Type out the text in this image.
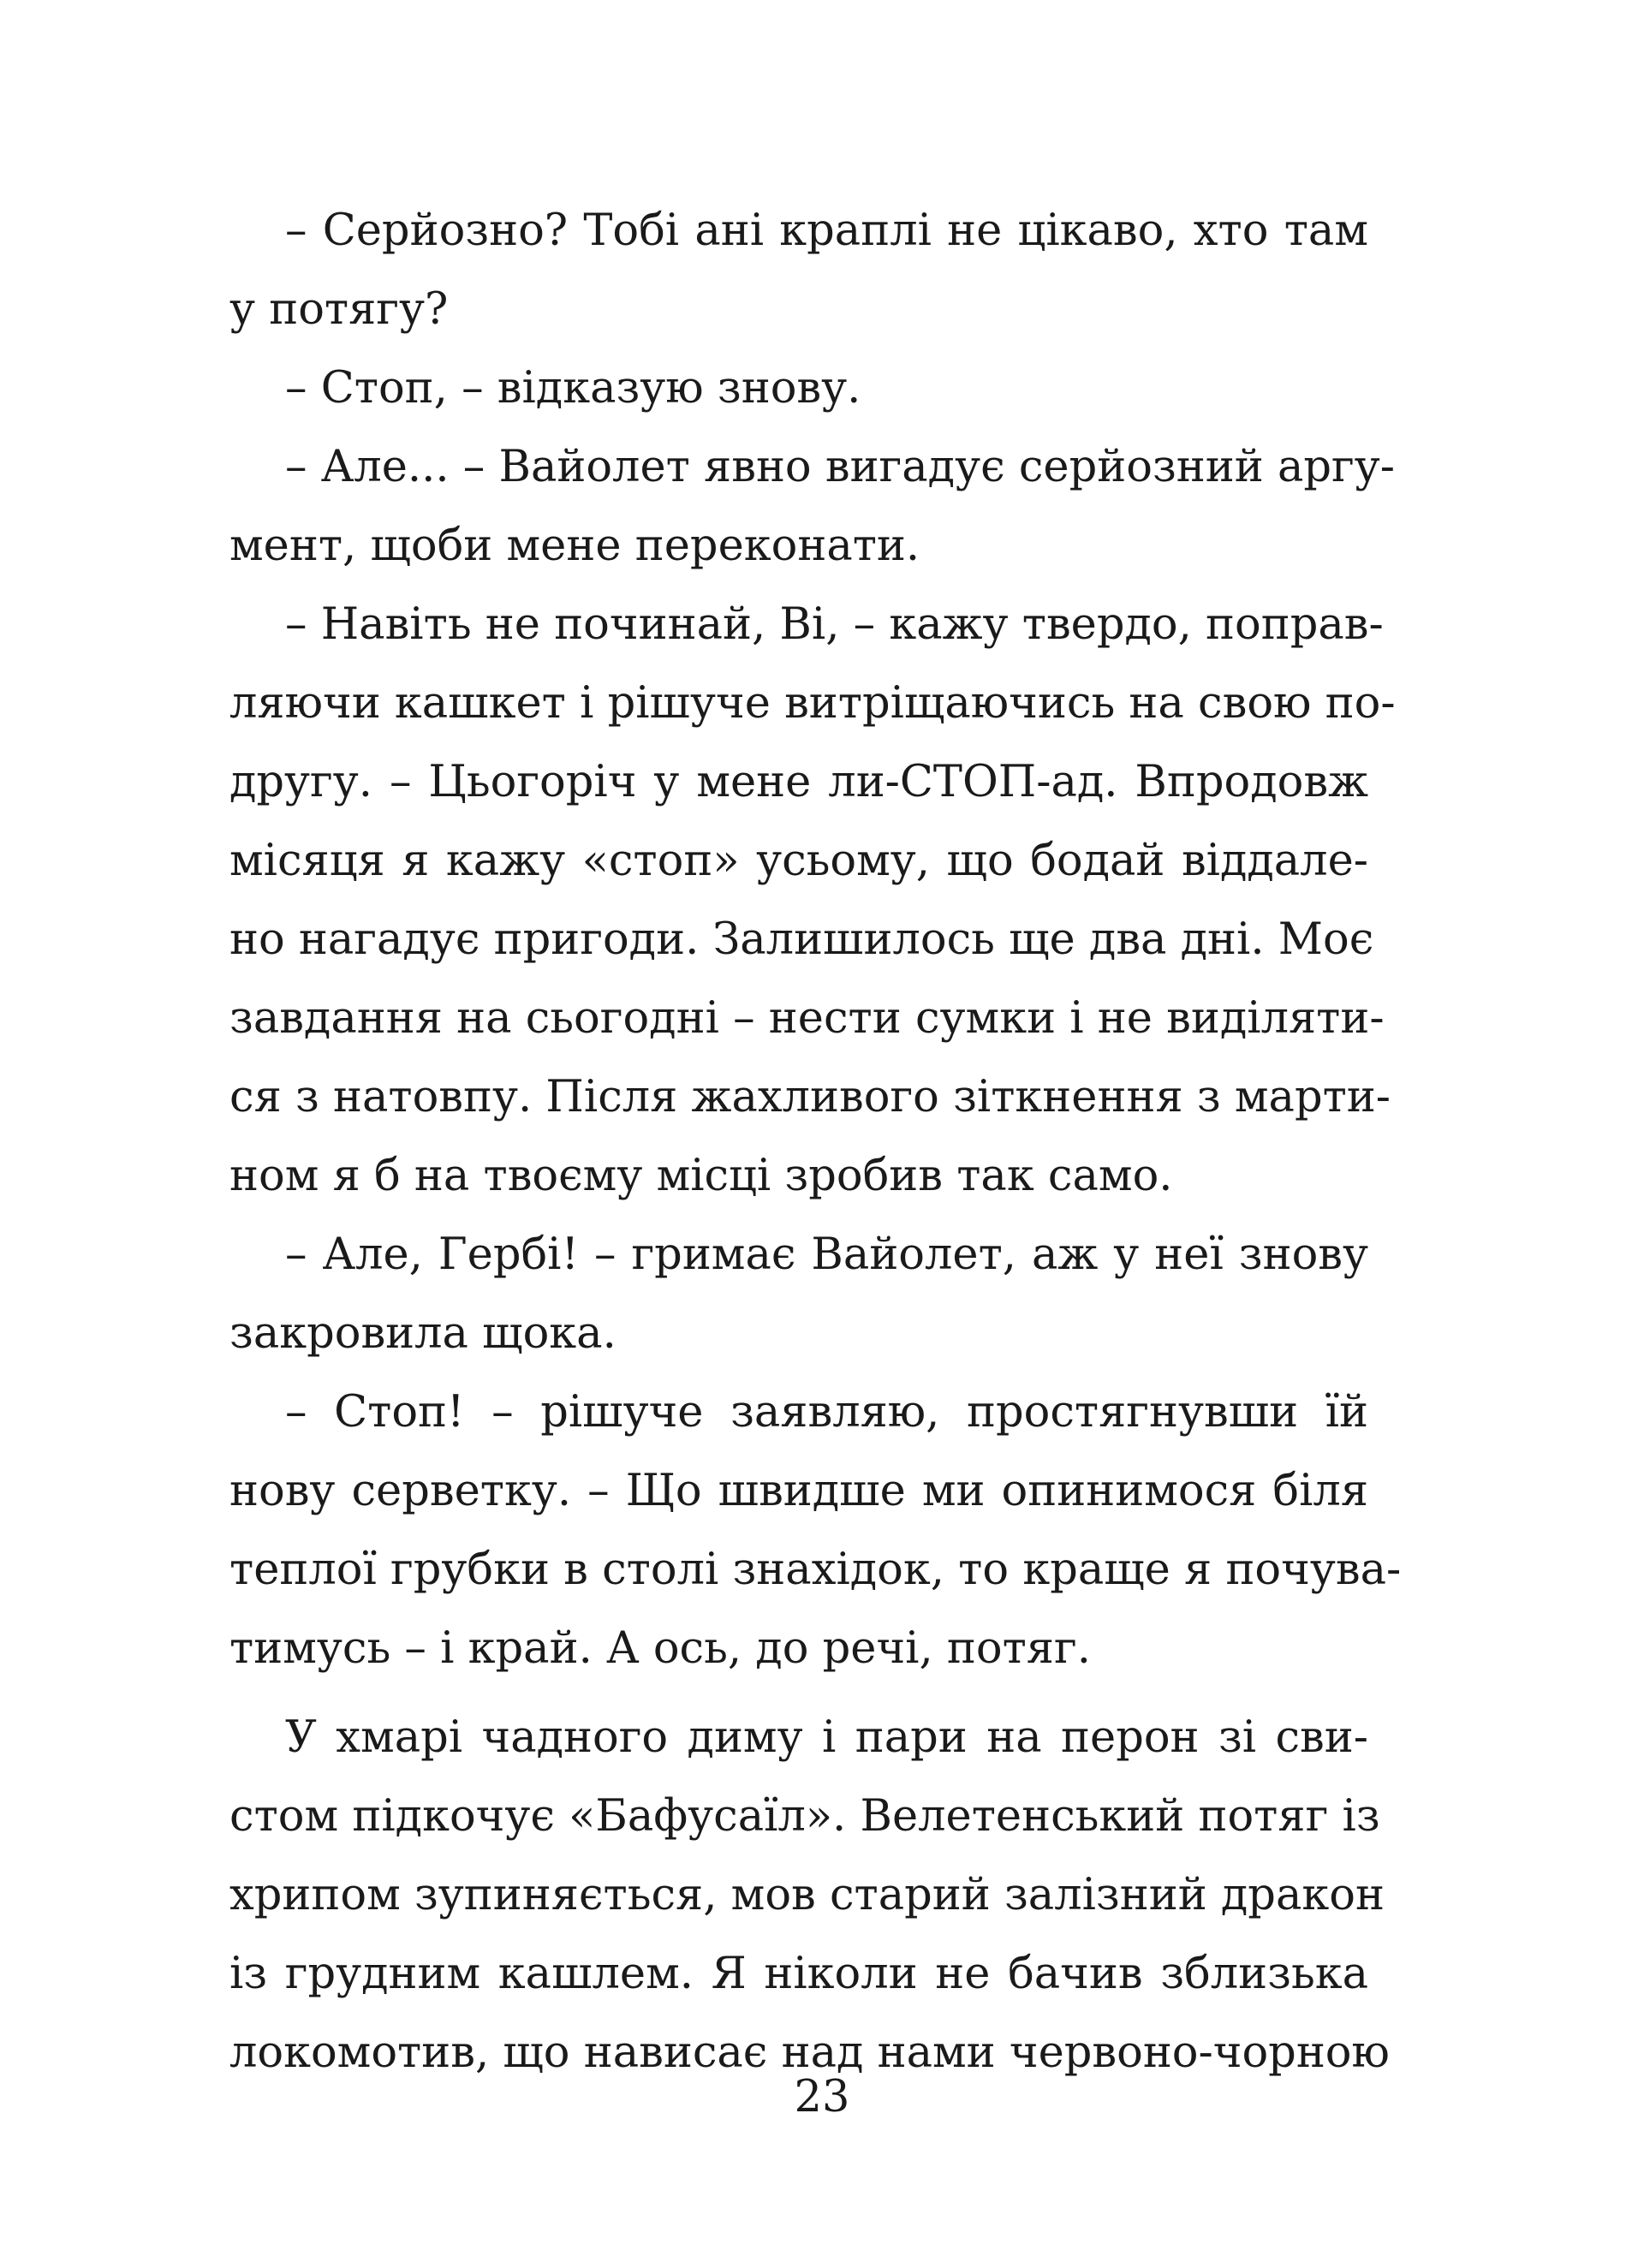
– Серйозно? Тобі ані краплі не цікаво, хто там
у потягу?
– Стоп, – відказую знову.
– Але... – Вайолет явно вигадує серйозний аргу-
мент, щоби мене переконати.
– Навіть не починай, Ві, – кажу твердо, поправ-
ляючи кашкет і рішуче витріщаючись на свою по-
другу. – Цьогоріч у мене ли-СТОП-ад. Впродовж
місяця я кажу «стоп» усьому, що бодай віддале-
но нагадує пригоди. Залишилось ще два дні. Моє
завдання на сьогодні – нести сумки і не виділяти-
ся з натовпу. Після жахливого зіткнення з марти-
ном я б на твоєму місці зробив так само.
– Але, Гербі! – гримає Вайолет, аж у неї знову
закровила щока.
– Стоп! – рішуче заявляю, простягнувши їй
нову серветку. – Що швидше ми опинимося біля
теплої грубки в столі знахідок, то краще я почува-
тимусь – і край. А ось, до речі, потяг.
У хмарі чадного диму і пари на перон зі сви-
стом підкочує «Бафусаїл». Велетенський потяг із
хрипом зупиняється, мов старий залізний дракон
із грудним кашлем. Я ніколи не бачив зблизька
локомотив, що нависає над нами червоно-чорною
23
